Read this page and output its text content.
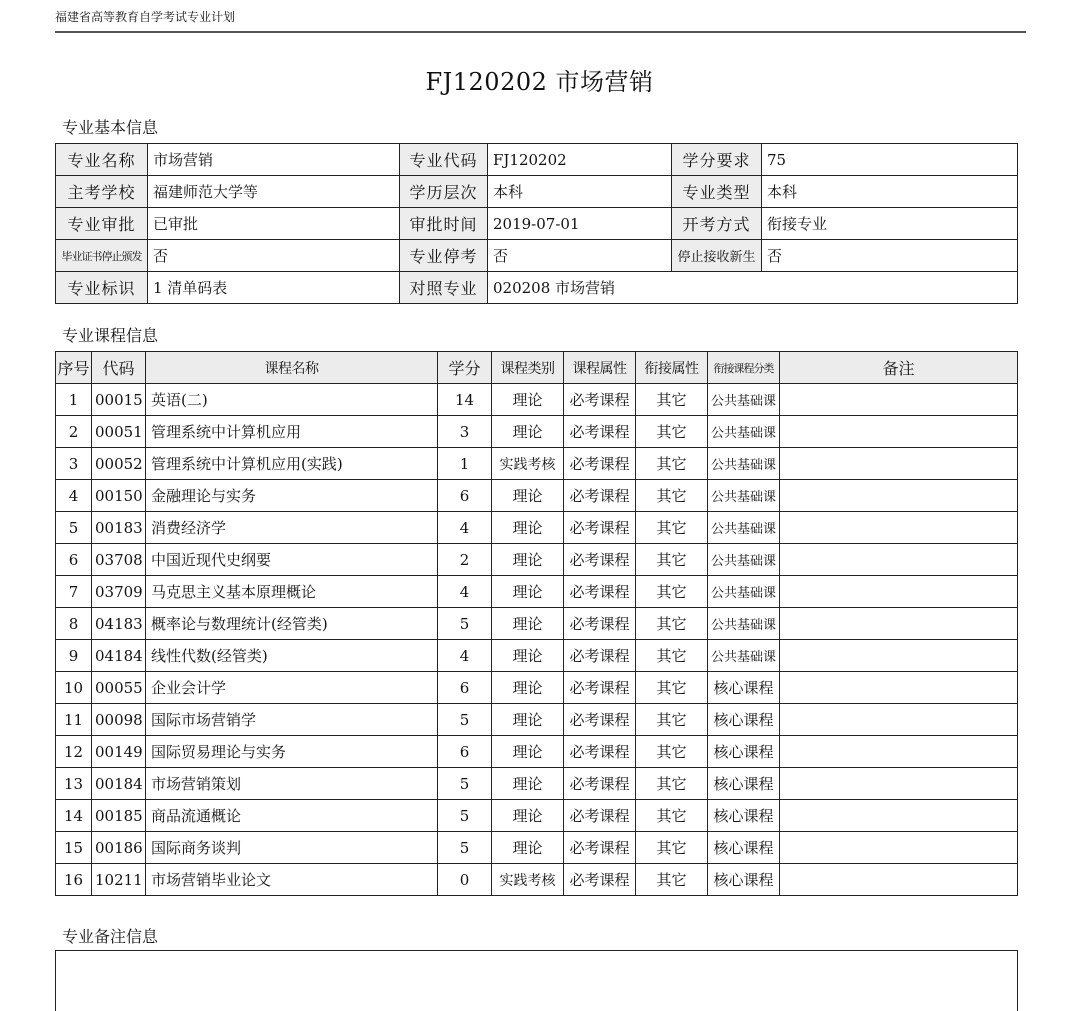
福建省高等教育自学考试专业计划
FJ120202 市场营销
专业基本信息
专业名称	市场营销	专业代码	FJ120202	学分要求	75
主考学校	福建师范大学等	学历层次	本科	专业类型	本科
专业审批	已审批	审批时间	2019-07-01	开考方式	衔接专业
毕业证书停止颁发	否	专业停考	否	停止接收新生	否
专业标识	1 清单码表	对照专业	020208 市场营销		
专业课程信息
序号	代码	课程名称	学分	课程类别	课程属性	衔接属性	衔接课程分类	备注
1	00015	英语(二)	14	理论	必考课程	其它	公共基础课	
2	00051	管理系统中计算机应用	3	理论	必考课程	其它	公共基础课	
3	00052	管理系统中计算机应用(实践)	1	实践考核	必考课程	其它	公共基础课	
4	00150	金融理论与实务	6	理论	必考课程	其它	公共基础课	
5	00183	消费经济学	4	理论	必考课程	其它	公共基础课	
6	03708	中国近现代史纲要	2	理论	必考课程	其它	公共基础课	
7	03709	马克思主义基本原理概论	4	理论	必考课程	其它	公共基础课	
8	04183	概率论与数理统计(经管类)	5	理论	必考课程	其它	公共基础课	
9	04184	线性代数(经管类)	4	理论	必考课程	其它	公共基础课	
10	00055	企业会计学	6	理论	必考课程	其它	核心课程	
11	00098	国际市场营销学	5	理论	必考课程	其它	核心课程	
12	00149	国际贸易理论与实务	6	理论	必考课程	其它	核心课程	
13	00184	市场营销策划	5	理论	必考课程	其它	核心课程	
14	00185	商品流通概论	5	理论	必考课程	其它	核心课程	
15	00186	国际商务谈判	5	理论	必考课程	其它	核心课程	
16	10211	市场营销毕业论文	0	实践考核	必考课程	其它	核心课程	
专业备注信息
